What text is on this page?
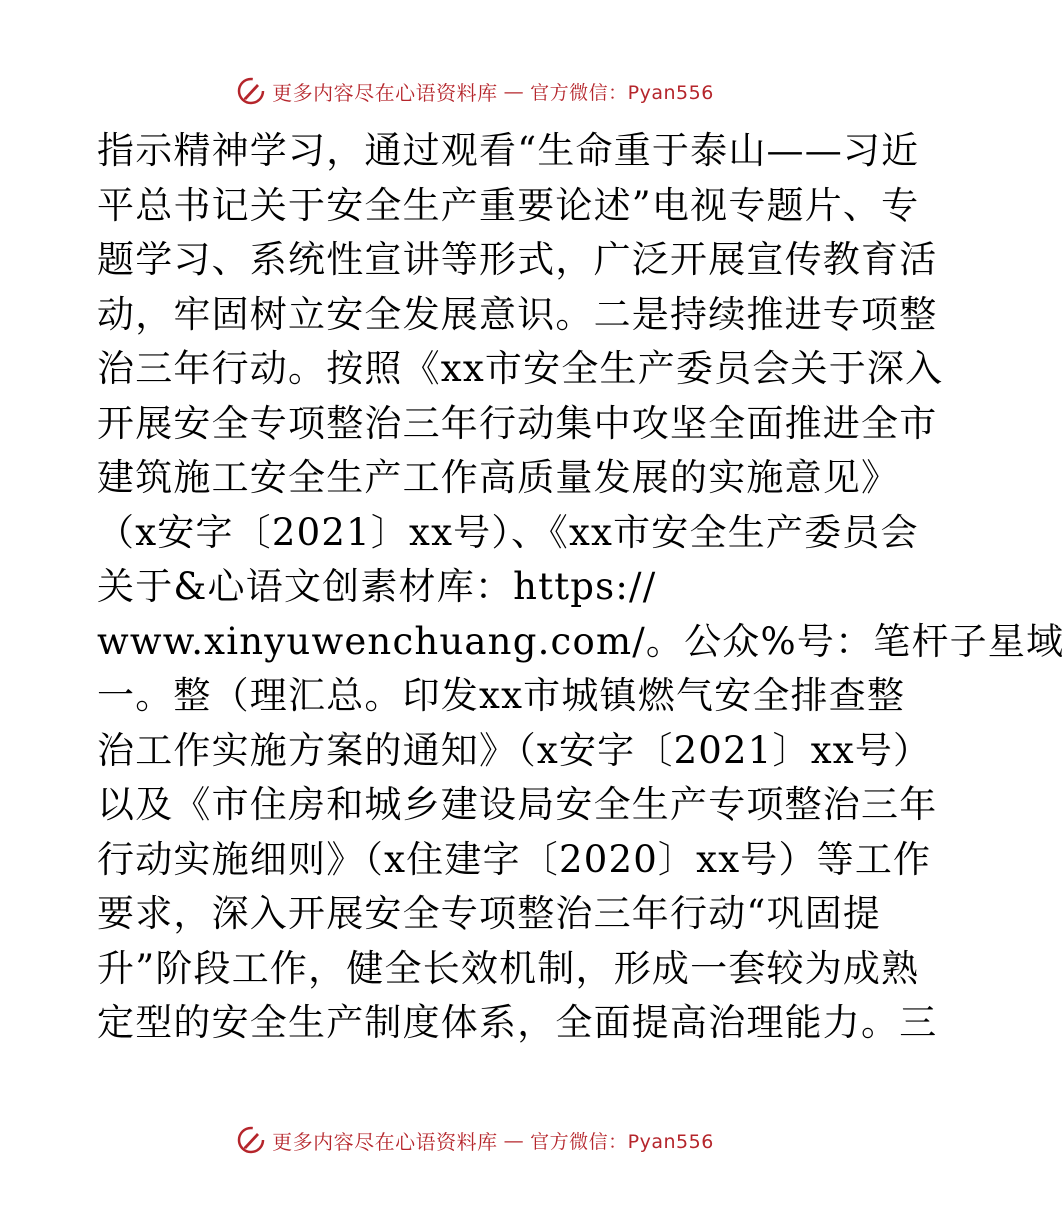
更多内容尽在心语资料库 — 官方微信：Pyan556
指示精神学习，通过观看“生命重于泰山——习近
平总书记关于安全生产重要论述”电视专题片、专
题学习、系统性宣讲等形式，广泛开展宣传教育活
动，牢固树立安全发展意识。二是持续推进专项整
治三年行动。按照《xx市安全生产委员会关于深入
开展安全专项整治三年行动集中攻坚全面推进全市
建筑施工安全生产工作高质量发展的实施意见》
（x安字〔2021〕xx号）、《xx市安全生产委员会
关于&心语文创素材库：https://
www.xinyuwenchuang.com/。公众%号：笔杆子星域
一。整（理汇总。印发xx市城镇燃气安全排查整
治工作实施方案的通知》（x安字〔2021〕xx号）
以及《市住房和城乡建设局安全生产专项整治三年
行动实施细则》（x住建字〔2020〕xx号）等工作
要求，深入开展安全专项整治三年行动“巩固提
升”阶段工作，健全长效机制，形成一套较为成熟
定型的安全生产制度体系，全面提高治理能力。三
更多内容尽在心语资料库 — 官方微信：Pyan556
